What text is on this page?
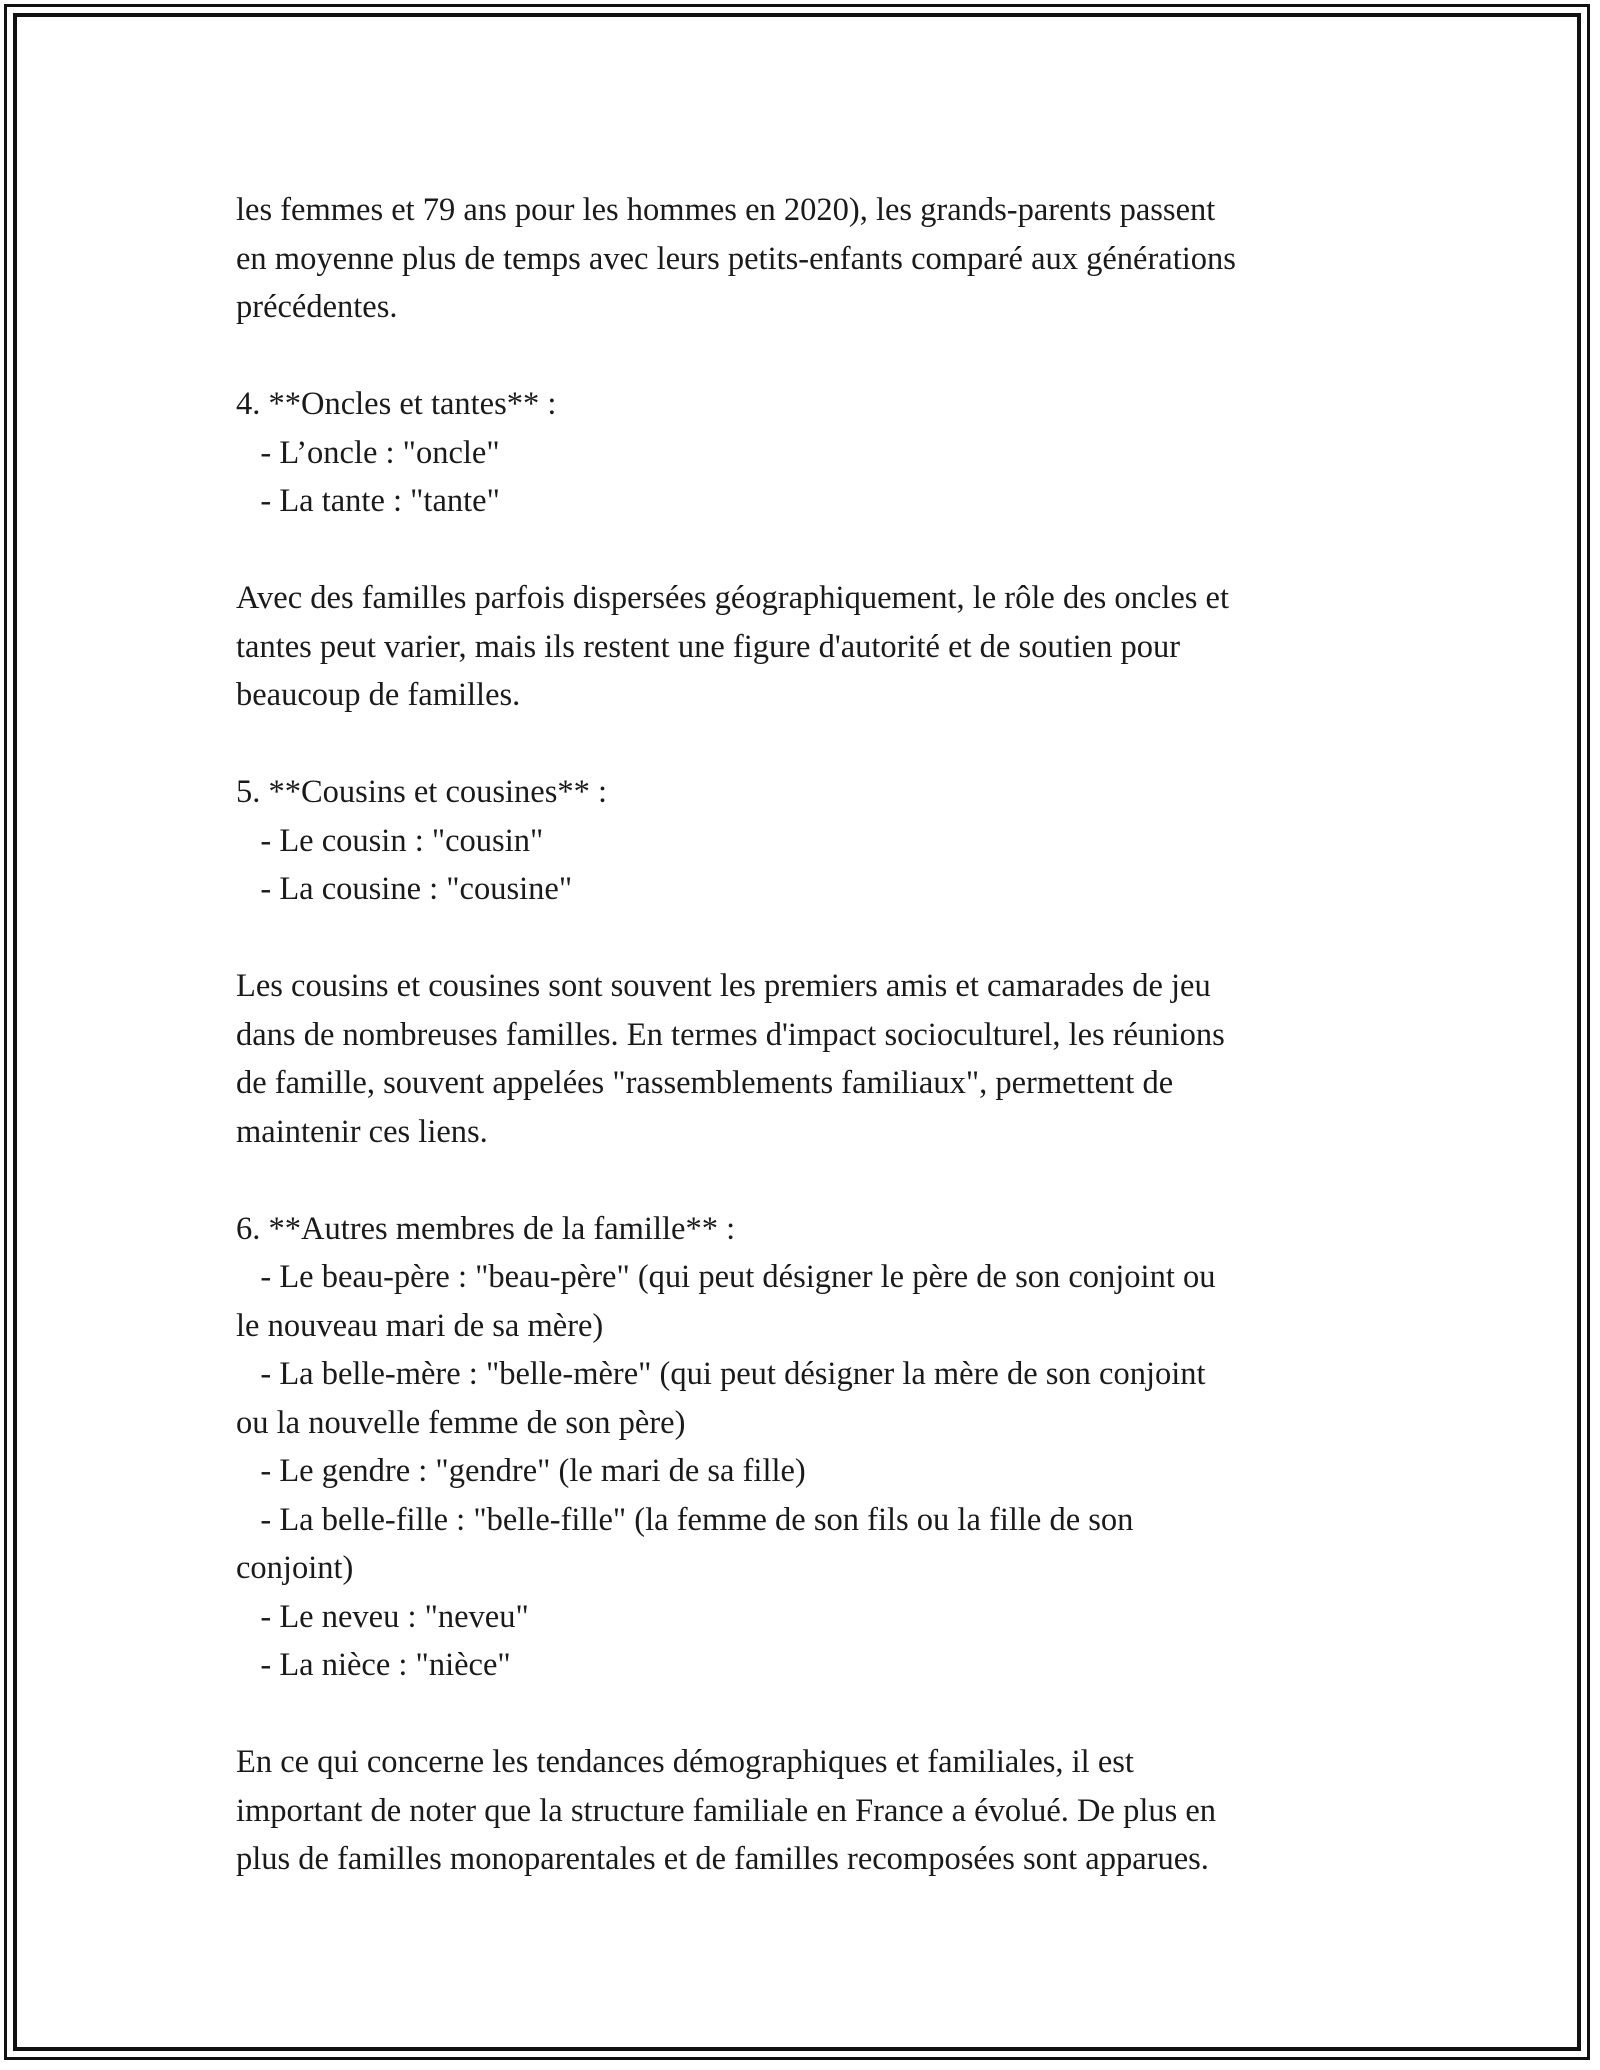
les femmes et 79 ans pour les hommes en 2020), les grands-parents passent
en moyenne plus de temps avec leurs petits-enfants comparé aux générations
précédentes.
4. **Oncles et tantes** :
- L’oncle : "oncle"
- La tante : "tante"
Avec des familles parfois dispersées géographiquement, le rôle des oncles et
tantes peut varier, mais ils restent une figure d'autorité et de soutien pour
beaucoup de familles.
5. **Cousins et cousines** :
- Le cousin : "cousin"
- La cousine : "cousine"
Les cousins et cousines sont souvent les premiers amis et camarades de jeu
dans de nombreuses familles. En termes d'impact socioculturel, les réunions
de famille, souvent appelées "rassemblements familiaux", permettent de
maintenir ces liens.
6. **Autres membres de la famille** :
- Le beau-père : "beau-père" (qui peut désigner le père de son conjoint ou
le nouveau mari de sa mère)
- La belle-mère : "belle-mère" (qui peut désigner la mère de son conjoint
ou la nouvelle femme de son père)
- Le gendre : "gendre" (le mari de sa fille)
- La belle-fille : "belle-fille" (la femme de son fils ou la fille de son
conjoint)
- Le neveu : "neveu"
- La nièce : "nièce"
En ce qui concerne les tendances démographiques et familiales, il est
important de noter que la structure familiale en France a évolué. De plus en
plus de familles monoparentales et de familles recomposées sont apparues.
